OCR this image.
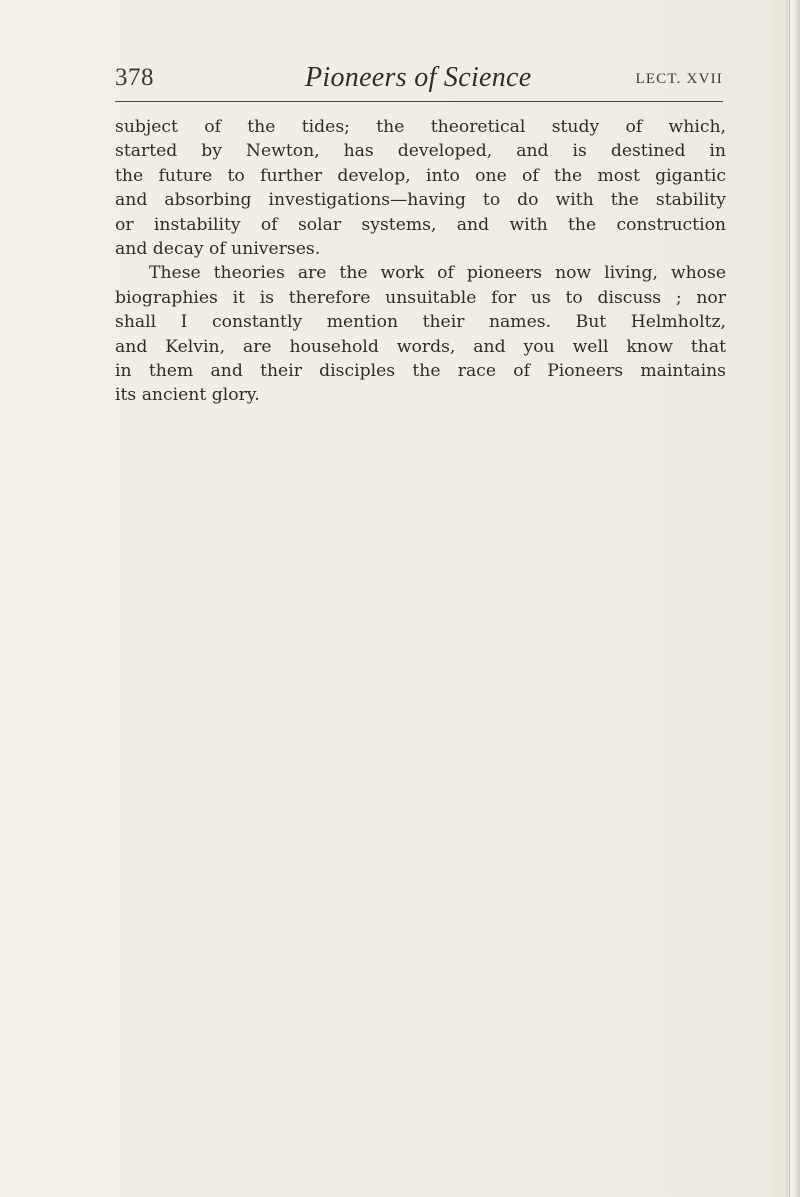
378	Pioneers of Science	LECT. XVII
subject of the tides; the theoretical study of which,
started by Newton, has developed, and is destined in
the future to further develop, into one of the most gigantic
and absorbing investigations—having to do with the stability
or instability of solar systems, and with the construction
and decay of universes.
These theories are the work of pioneers now living, whose
biographies it is therefore unsuitable for us to discuss ; nor
shall I constantly mention their names. But Helmholtz,
and Kelvin, are household words, and you well know that
in them and their disciples the race of Pioneers maintains
its ancient glory.
